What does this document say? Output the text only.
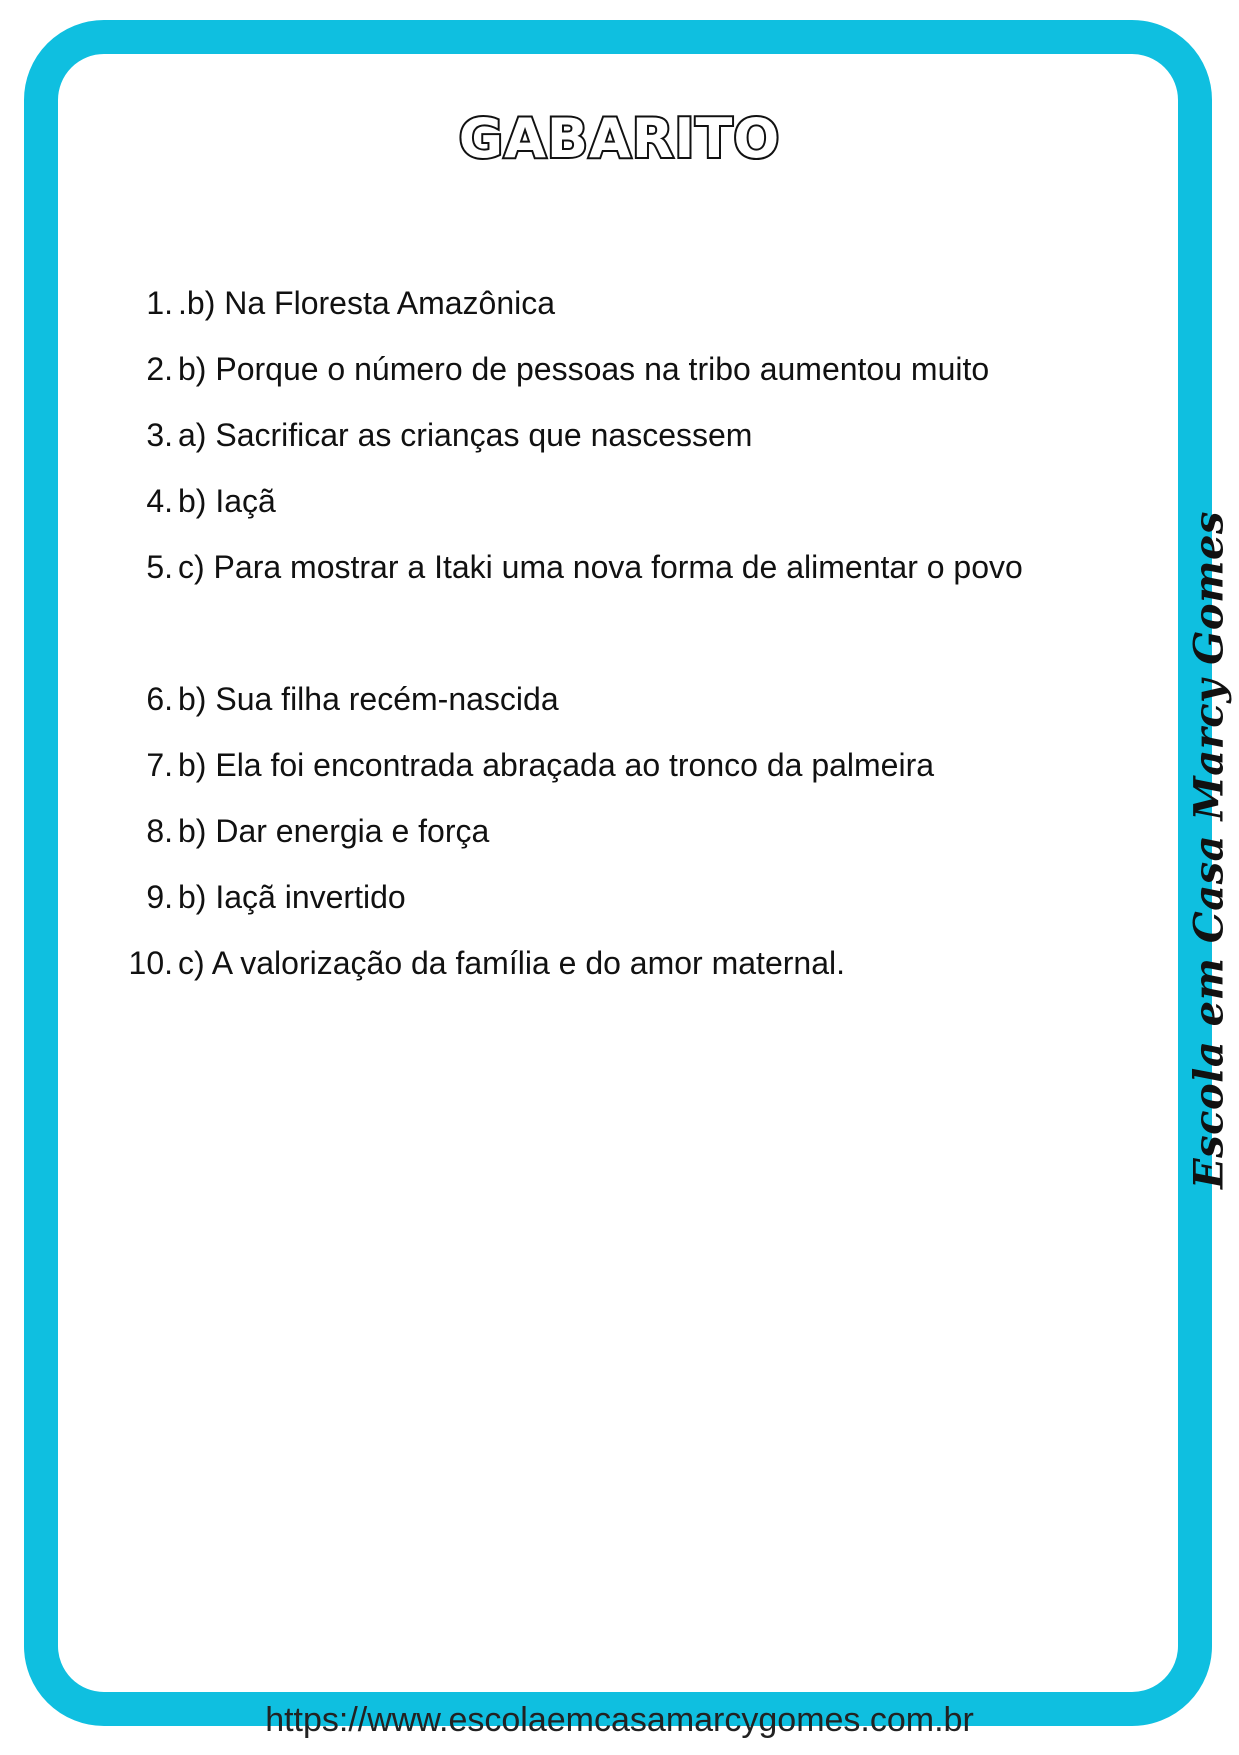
GABARITO
1. .b) Na Floresta Amazônica
2. b) Porque o número de pessoas na tribo aumentou muito
3. a) Sacrificar as crianças que nascessem
4. b) Iaçã
5. c) Para mostrar a Itaki uma nova forma de alimentar o povo
6. b) Sua filha recém-nascida
7. b) Ela foi encontrada abraçada ao tronco da palmeira
8. b) Dar energia e força
9. b) Iaçã invertido
10. c) A valorização da família e do amor maternal.	Escola em Casa Marcy Gomes
https://www.escolaemcasamarcygomes.com.br
